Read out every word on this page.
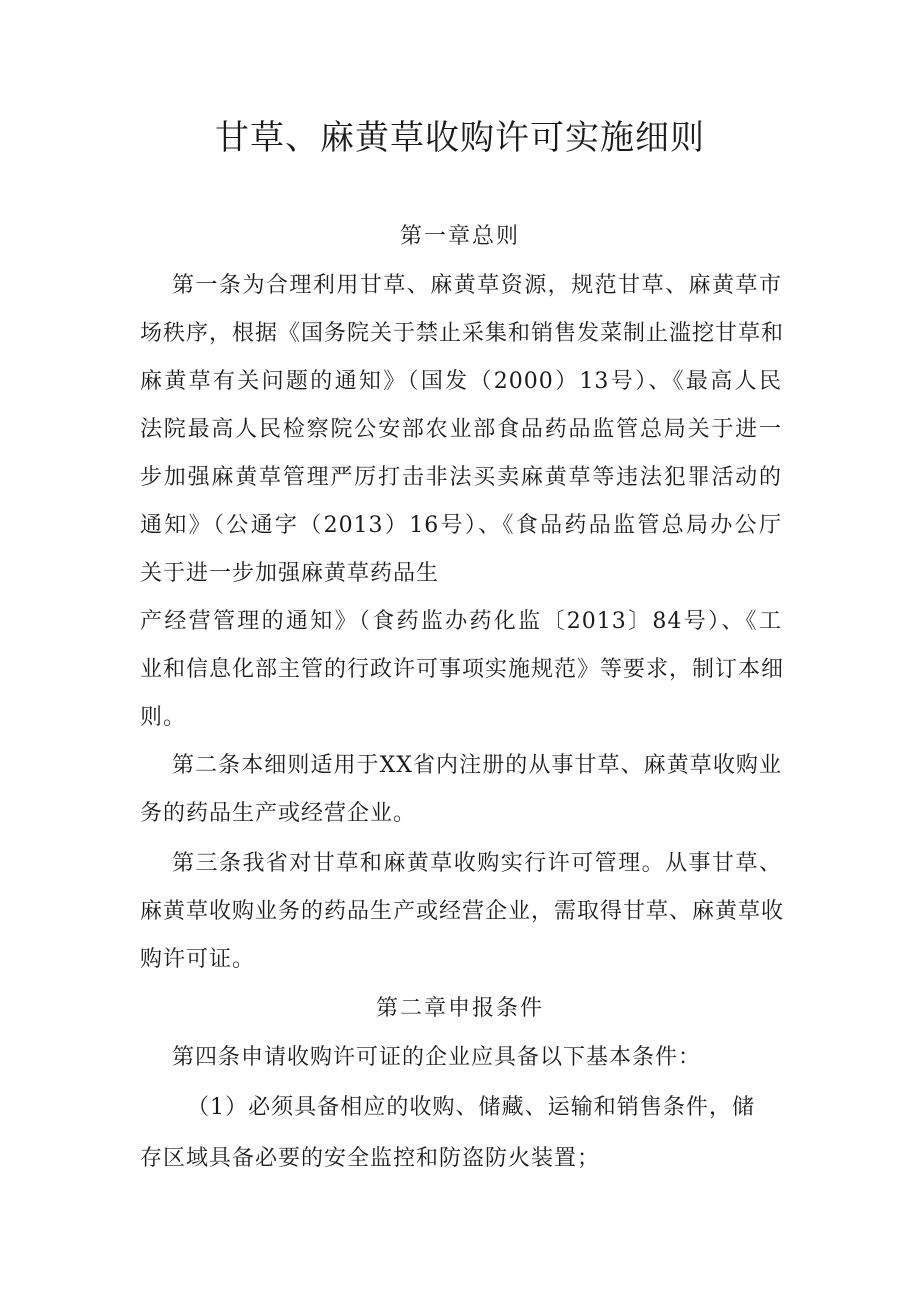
甘草、麻黄草收购许可实施细则
第一章总则
第一条为合理利用甘草、麻黄草资源，规范甘草、麻黄草市
场秩序，根据《国务院关于禁止采集和销售发菜制止滥挖甘草和
麻黄草有关问题的通知》（国发（2000）13号）、《最高人民
法院最高人民检察院公安部农业部食品药品监管总局关于进一
步加强麻黄草管理严厉打击非法买卖麻黄草等违法犯罪活动的
通知》（公通字（2013）16号）、《食品药品监管总局办公厅
关于进一步加强麻黄草药品生
产经营管理的通知》（食药监办药化监〔2013〕84号）、《工
业和信息化部主管的行政许可事项实施规范》等要求，制订本细
则。
第二条本细则适用于XX省内注册的从事甘草、麻黄草收购业
务的药品生产或经营企业。
第三条我省对甘草和麻黄草收购实行许可管理。从事甘草、
麻黄草收购业务的药品生产或经营企业，需取得甘草、麻黄草收
购许可证。
第二章申报条件
第四条申请收购许可证的企业应具备以下基本条件：
（1）必须具备相应的收购、储藏、运输和销售条件，储
存区域具备必要的安全监控和防盗防火装置；
